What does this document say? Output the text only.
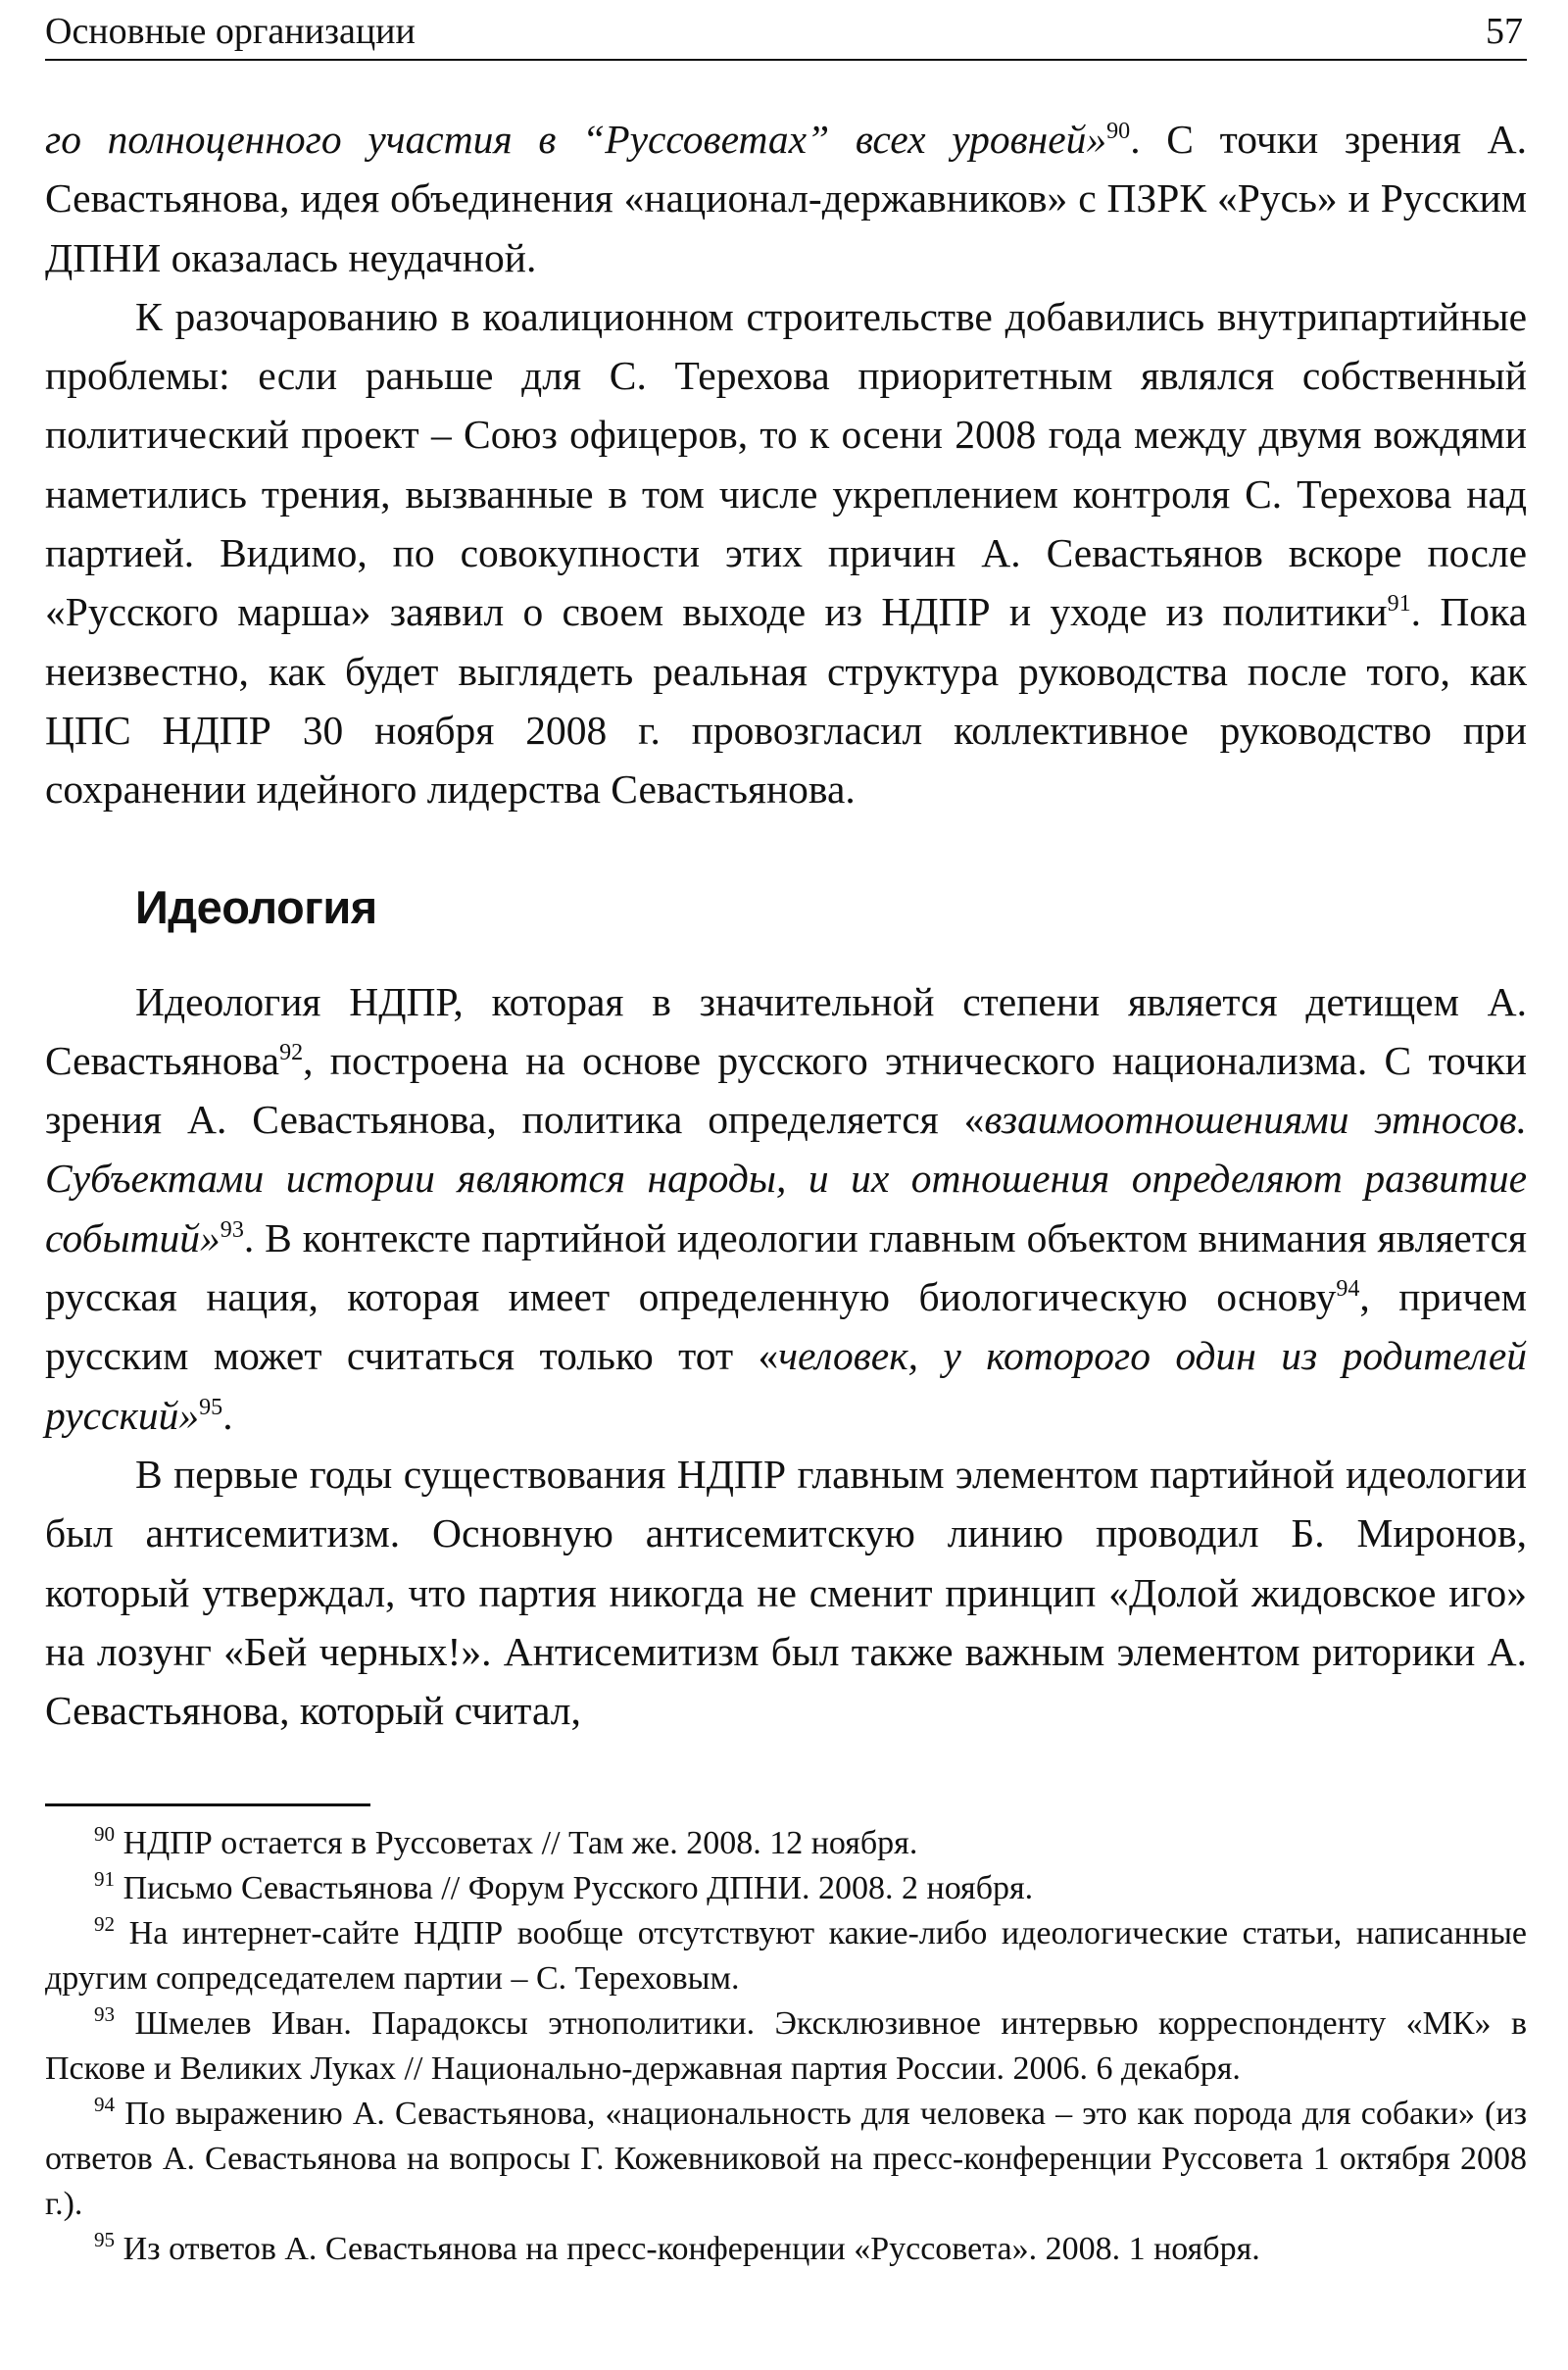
Основные организации	57

го полноценного участия в “Руссоветах” всех уровней»$^{90}$. С точки зрения А. Севастьянова, идея объединения «национал-державников» с ПЗРК «Русь» и Русским ДПНИ оказалась неудачной.

К разочарованию в коалиционном строительстве добавились внутрипартийные проблемы: если раньше для С. Терехова приоритетным являлся собственный политический проект – Союз офицеров, то к осени 2008 года между двумя вождями наметились трения, вызванные в том числе укреплением контроля С. Терехова над партией. Видимо, по совокупности этих причин А. Севастьянов вскоре после «Русского марша» заявил о своем выходе из НДПР и уходе из политики$^{91}$. Пока неизвестно, как будет выглядеть реальная структура руководства после того, как ЦПС НДПР 30 ноября 2008 г. провозгласил коллективное руководство при сохранении идейного лидерства Севастьянова.

Идеология

Идеология НДПР, которая в значительной степени является детищем А. Севастьянова$^{92}$, построена на основе русского этнического национализма. С точки зрения А. Севастьянова, политика определяется «взаимоотношениями этносов. Субъектами истории являются народы, и их отношения определяют развитие событий»$^{93}$. В контексте партийной идеологии главным объектом внимания является русская нация, которая имеет определенную биологическую основу$^{94}$, причем русским может считаться только тот «человек, у которого один из родителей русский»$^{95}$.

В первые годы существования НДПР главным элементом партийной идеологии был антисемитизм. Основную антисемитскую линию проводил Б. Миронов, который утверждал, что партия никогда не сменит принцип «Долой жидовское иго» на лозунг «Бей черных!». Антисемитизм был также важным элементом риторики А. Севастьянова, который считал,

$^{90}$ НДПР остается в Руссоветах // Там же. 2008. 12 ноября.

$^{91}$ Письмо Севастьянова // Форум Русского ДПНИ. 2008. 2 ноября.

$^{92}$ На интернет-сайте НДПР вообще отсутствуют какие-либо идеологические статьи, написанные другим сопредседателем партии – С. Тереховым.

$^{93}$ Шмелев Иван. Парадоксы этнополитики. Эксклюзивное интервью корреспонденту «МК» в Пскове и Великих Луках // Национально-державная партия России. 2006. 6 декабря.

$^{94}$ По выражению А. Севастьянова, «национальность для человека – это как порода для собаки» (из ответов А. Севастьянова на вопросы Г. Кожевниковой на пресс-конференции Руссовета 1 октября 2008 г.).

$^{95}$ Из ответов А. Севастьянова на пресс-конференции «Руссовета». 2008. 1 ноября.
